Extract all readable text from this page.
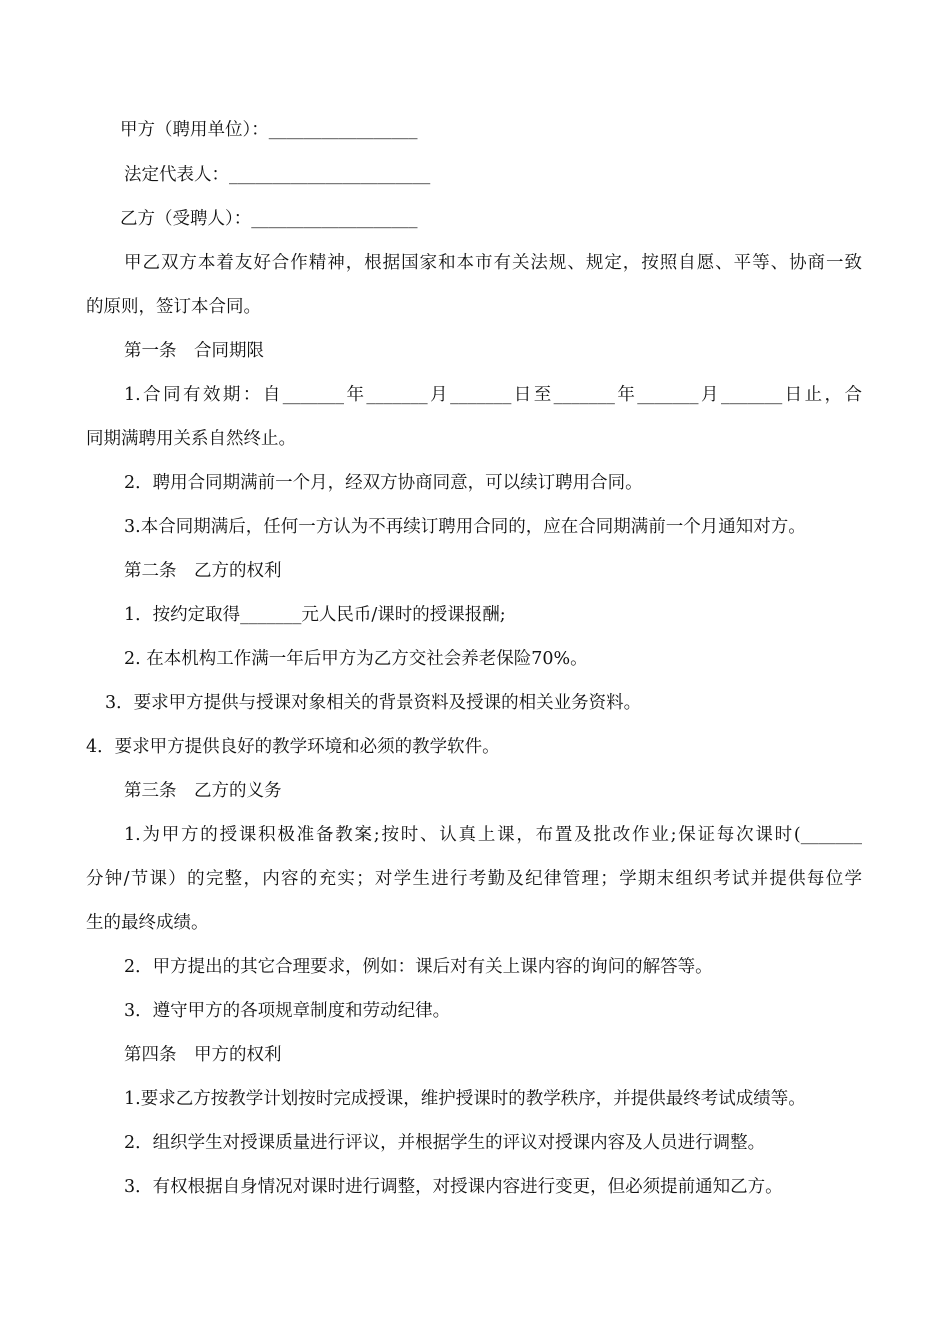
甲方（聘用单位）：_________________
法定代表人：_______________________
乙方（受聘人）：___________________
甲乙双方本着友好合作精神，根据国家和本市有关法规、规定，按照自愿、平等、协商一致
的原则，签订本合同。
第一条　合同期限
1.合同有效期：自_______年_______月_______日至_______年_______月_______日止，合
同期满聘用关系自然终止。
2．聘用合同期满前一个月，经双方协商同意，可以续订聘用合同。
3.本合同期满后，任何一方认为不再续订聘用合同的，应在合同期满前一个月通知对方。
第二条　乙方的权利
1．按约定取得_______元人民币/课时的授课报酬;
2. 在本机构工作满一年后甲方为乙方交社会养老保险70%。
3．要求甲方提供与授课对象相关的背景资料及授课的相关业务资料。
4．要求甲方提供良好的教学环境和必须的教学软件。
第三条　乙方的义务
1.为甲方的授课积极准备教案;按时、认真上课，布置及批改作业;保证每次课时(_______
分钟/节课）的完整，内容的充实；对学生进行考勤及纪律管理；学期末组织考试并提供每位学
生的最终成绩。
2．甲方提出的其它合理要求，例如：课后对有关上课内容的询问的解答等。
3．遵守甲方的各项规章制度和劳动纪律。
第四条　甲方的权利
1.要求乙方按教学计划按时完成授课，维护授课时的教学秩序，并提供最终考试成绩等。
2．组织学生对授课质量进行评议，并根据学生的评议对授课内容及人员进行调整。
3．有权根据自身情况对课时进行调整，对授课内容进行变更，但必须提前通知乙方。
